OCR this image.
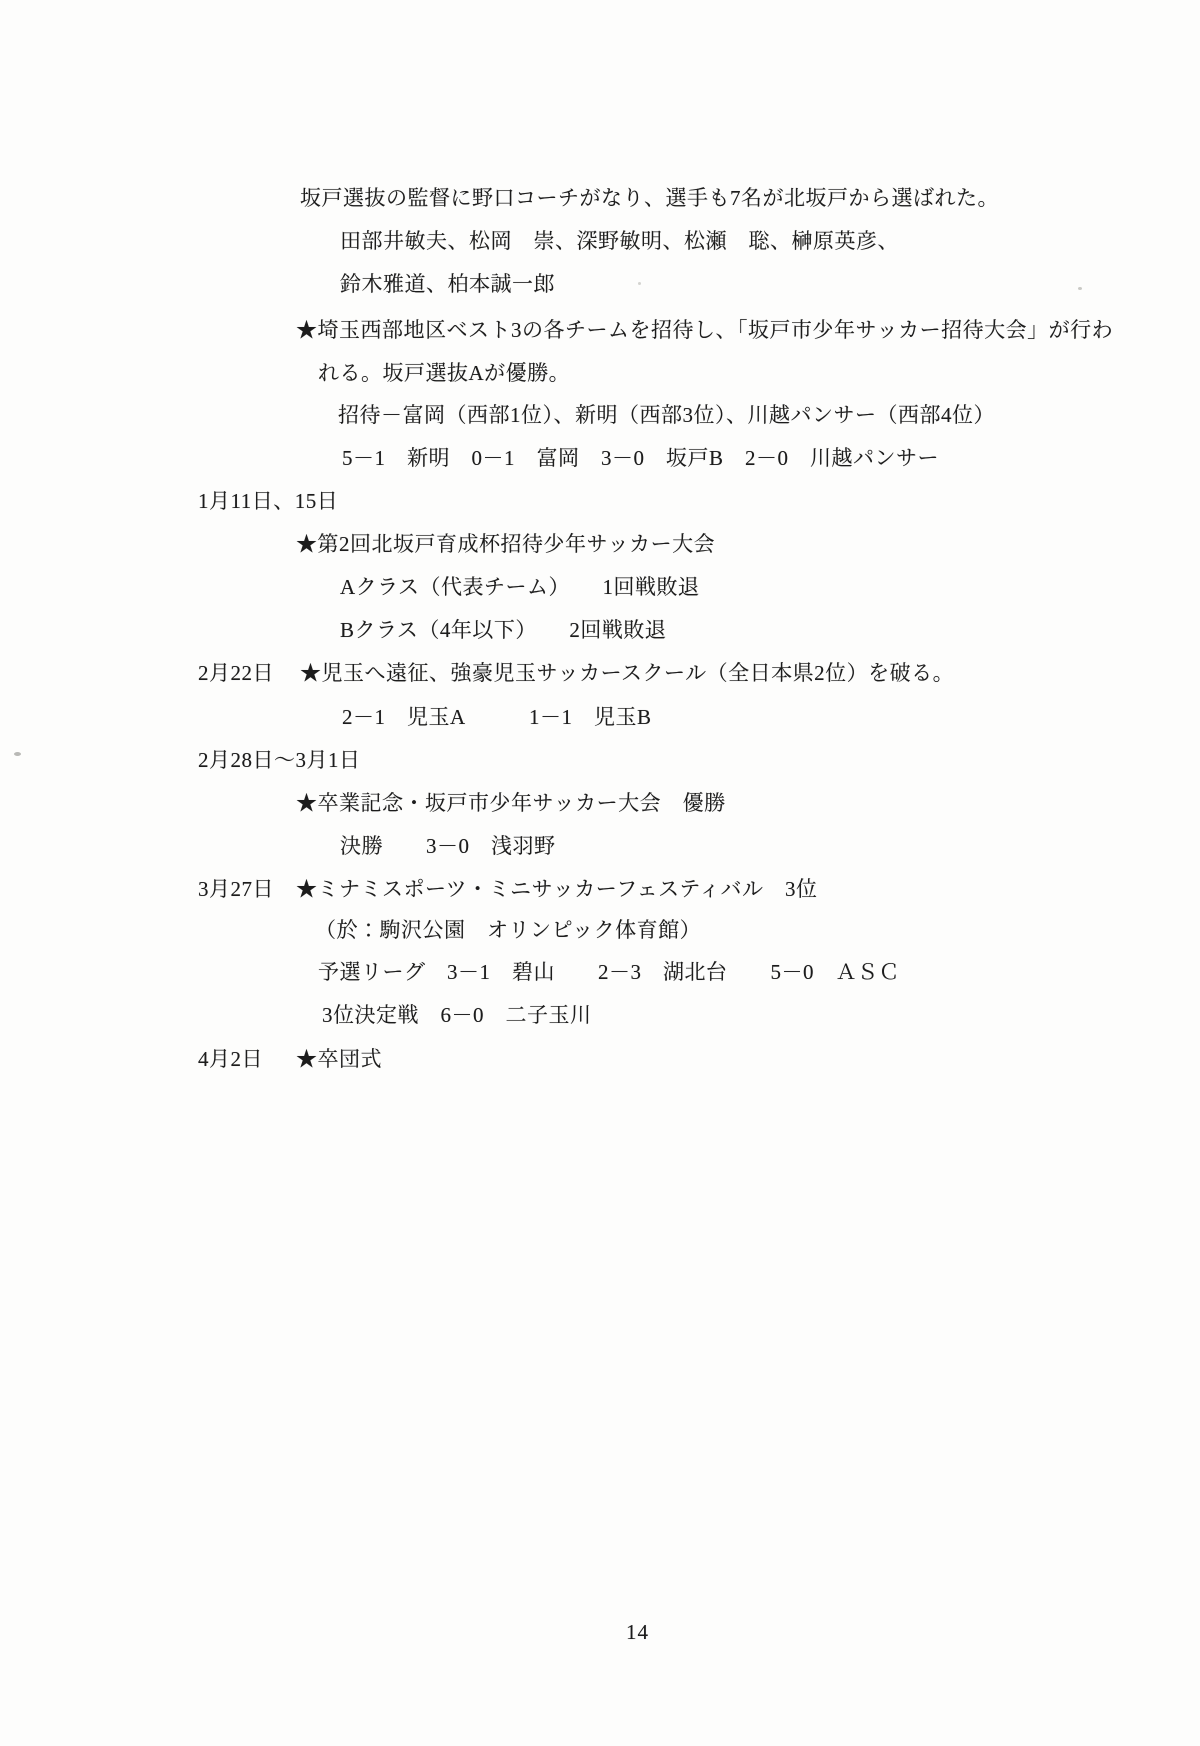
坂戸選抜の監督に野口コーチがなり、選手も7名が北坂戸から選ばれた。
田部井敏夫、松岡　崇、深野敏明、松瀬　聡、榊原英彦、
鈴木雅道、柏本誠一郎
★埼玉西部地区ベスト3の各チームを招待し、「坂戸市少年サッカー招待大会」が行わ
れる。坂戸選抜Aが優勝。
招待－富岡（西部1位）、新明（西部3位）、川越パンサー（西部4位）
5－1　新明　0－1　富岡　3－0　坂戸B　2－0　川越パンサー
1月11日、15日
★第2回北坂戸育成杯招待少年サッカー大会
Aクラス（代表チーム）　　1回戦敗退
Bクラス（4年以下）　　2回戦敗退
2月22日 ★児玉へ遠征、強豪児玉サッカースクール（全日本県2位）を破る。
2－1　児玉A　　　1－1　児玉B
2月28日～3月1日
★卒業記念・坂戸市少年サッカー大会　優勝
決勝　　3－0　浅羽野
3月27日 ★ミナミスポーツ・ミニサッカーフェスティバル　3位
（於：駒沢公園　オリンピック体育館）
予選リーグ　3－1　碧山　　2－3　湖北台　　5－0　ＡＳＣ
3位決定戦　6－0　二子玉川
4月2日 ★卒団式
14
